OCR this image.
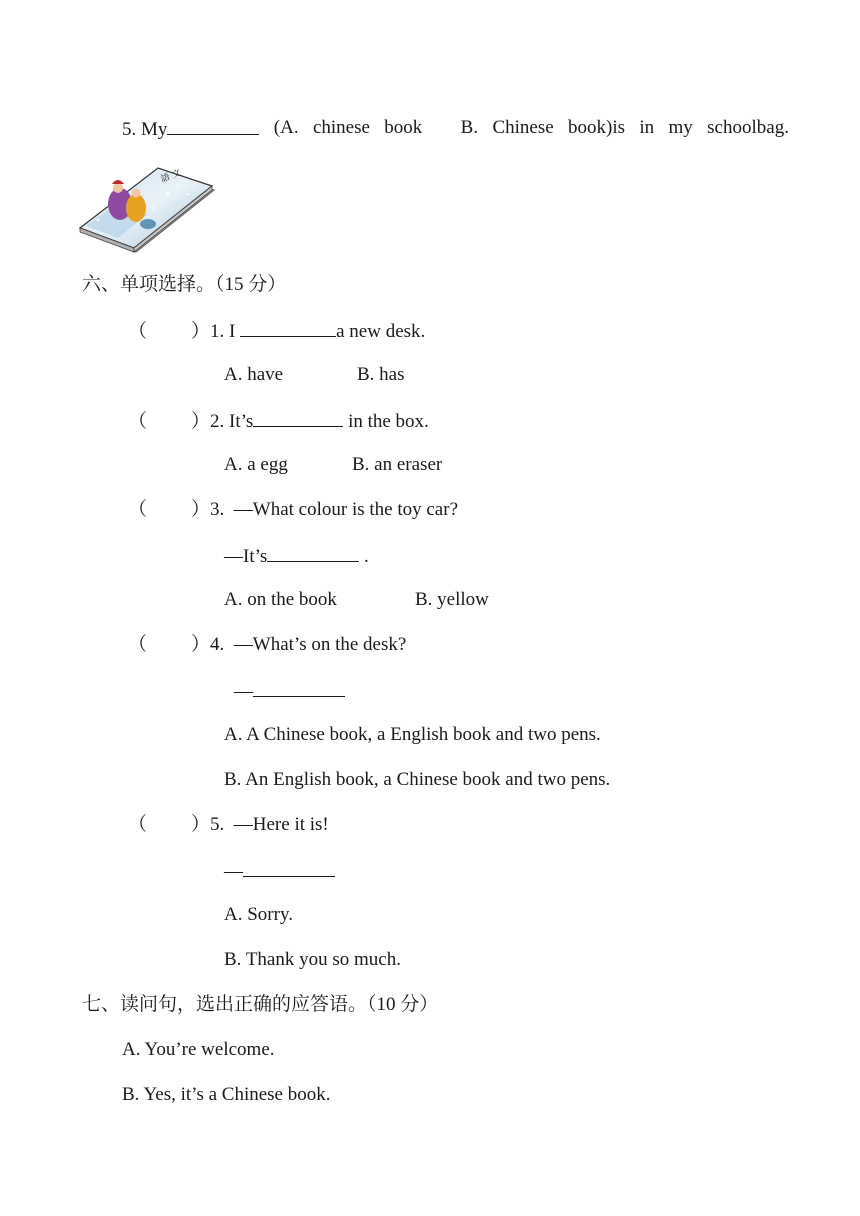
5. My	(A. chinese book B. Chinese book)is in my schoolbag.
語 文
六、单项选择。（15 分）
（ ）1. I	a new desk.
A. have	B. has
（ ）2. It’s	in the box.
A. a egg	B. an eraser
（ ）3. —What colour is the toy car?
—It’s	.
A. on the book	B. yellow
（ ）4. —What’s on the desk?
—
A. A Chinese book, a English book and two pens.
B. An English book, a Chinese book and two pens.
（ ）5. —Here it is!
—
A. Sorry.
B. Thank you so much.
七、读问句，选出正确的应答语。（10 分）
A. You’re welcome.
B. Yes, it’s a Chinese book.
